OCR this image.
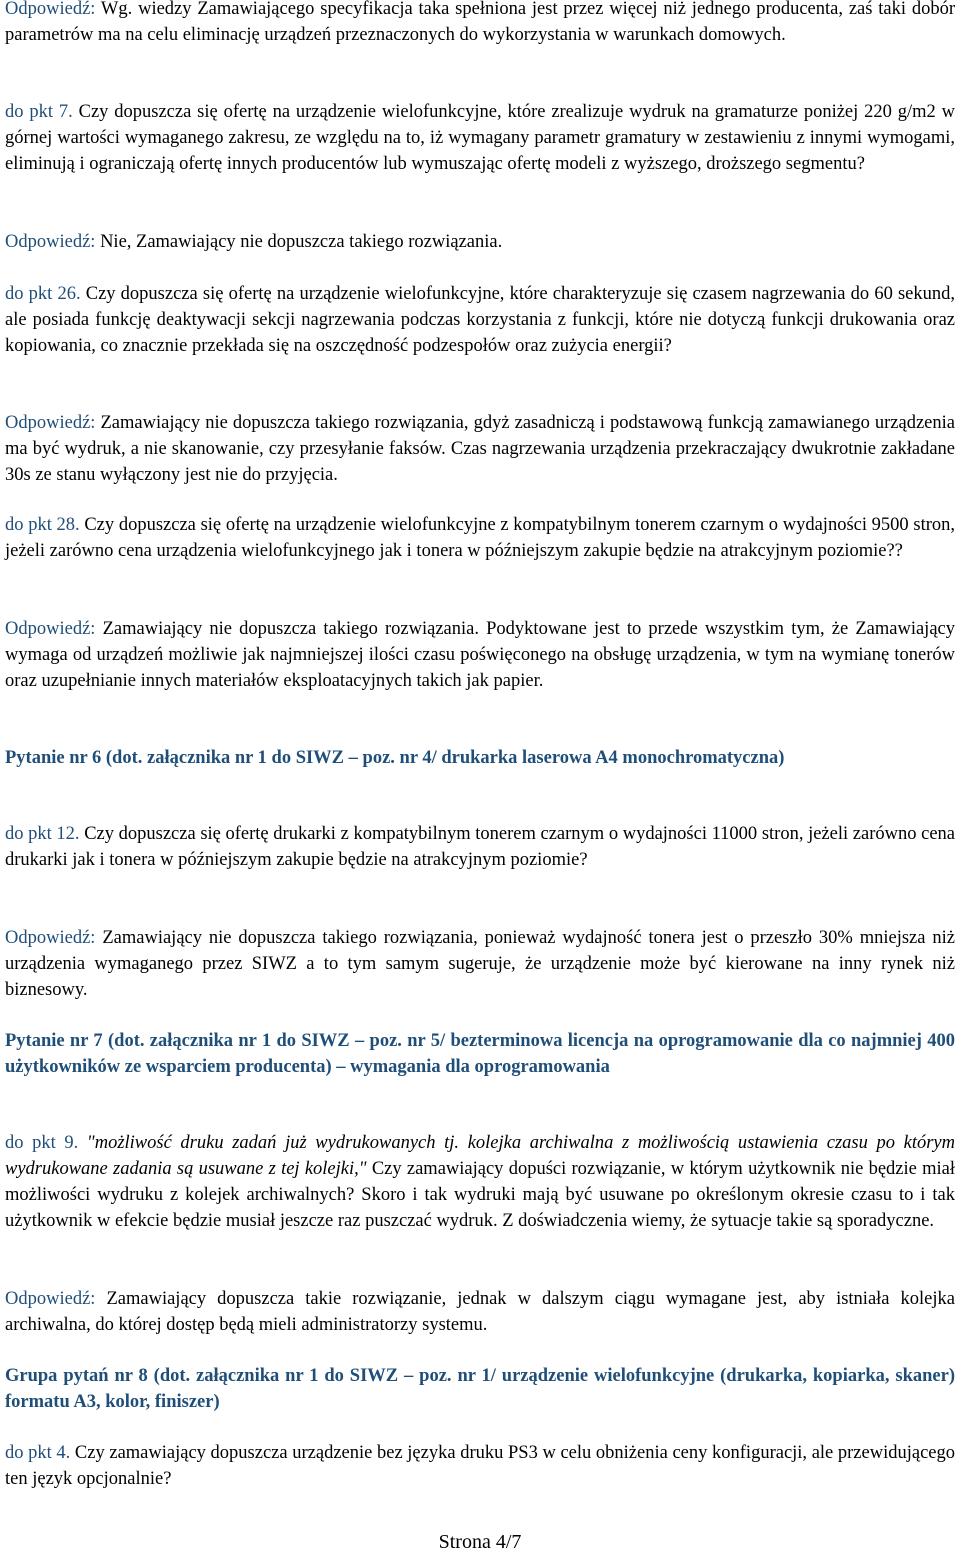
Odpowiedź: Wg. wiedzy Zamawiającego specyfikacja taka spełniona jest przez więcej niż jednego producenta, zaś taki dobór parametrów ma na celu eliminację urządzeń przeznaczonych do wykorzystania w warunkach domowych.

do pkt 7. Czy dopuszcza się ofertę na urządzenie wielofunkcyjne, które zrealizuje wydruk na gramaturze poniżej 220 g/m2 w górnej wartości wymaganego zakresu, ze względu na to, iż wymagany parametr gramatury w zestawieniu z innymi wymogami, eliminują i ograniczają ofertę innych producentów lub wymuszając ofertę modeli z wyższego, droższego segmentu?

Odpowiedź: Nie, Zamawiający nie dopuszcza takiego rozwiązania.

do pkt 26. Czy dopuszcza się ofertę na urządzenie wielofunkcyjne, które charakteryzuje się czasem nagrzewania do 60 sekund, ale posiada funkcję deaktywacji sekcji nagrzewania podczas korzystania z funkcji, które nie dotyczą funkcji drukowania oraz kopiowania, co znacznie przekłada się na oszczędność podzespołów oraz zużycia energii?

Odpowiedź: Zamawiający nie dopuszcza takiego rozwiązania, gdyż zasadniczą i podstawową funkcją zamawianego urządzenia ma być wydruk, a nie skanowanie, czy przesyłanie faksów. Czas nagrzewania urządzenia przekraczający dwukrotnie zakładane 30s ze stanu wyłączony jest nie do przyjęcia.

do pkt 28. Czy dopuszcza się ofertę na urządzenie wielofunkcyjne z kompatybilnym tonerem czarnym o wydajności 9500 stron, jeżeli zarówno cena urządzenia wielofunkcyjnego jak i tonera w późniejszym zakupie będzie na atrakcyjnym poziomie??

Odpowiedź: Zamawiający nie dopuszcza takiego rozwiązania. Podyktowane jest to przede wszystkim tym, że Zamawiający wymaga od urządzeń możliwie jak najmniejszej ilości czasu poświęconego na obsługę urządzenia, w tym na wymianę tonerów oraz uzupełnianie innych materiałów eksploatacyjnych takich jak papier.

Pytanie nr 6 (dot. załącznika nr 1 do SIWZ – poz. nr 4/ drukarka laserowa A4 monochromatyczna)

do pkt 12. Czy dopuszcza się ofertę drukarki z kompatybilnym tonerem czarnym o wydajności 11000 stron, jeżeli zarówno cena drukarki jak i tonera w późniejszym zakupie będzie na atrakcyjnym poziomie?

Odpowiedź: Zamawiający nie dopuszcza takiego rozwiązania, ponieważ wydajność tonera jest o przeszło 30% mniejsza niż urządzenia wymaganego przez SIWZ a to tym samym sugeruje, że urządzenie może być kierowane na inny rynek niż biznesowy.

Pytanie nr 7 (dot. załącznika nr 1 do SIWZ – poz. nr 5/ bezterminowa licencja na oprogramowanie dla co najmniej 400 użytkowników ze wsparciem producenta) – wymagania dla oprogramowania

do pkt 9. "możliwość druku zadań już wydrukowanych tj. kolejka archiwalna z możliwością ustawienia czasu po którym wydrukowane zadania są usuwane z tej kolejki," Czy zamawiający dopuści rozwiązanie, w którym użytkownik nie będzie miał możliwości wydruku z kolejek archiwalnych? Skoro i tak wydruki mają być usuwane po określonym okresie czasu to i tak użytkownik w efekcie będzie musiał jeszcze raz puszczać wydruk. Z doświadczenia wiemy, że sytuacje takie są sporadyczne.

Odpowiedź: Zamawiający dopuszcza takie rozwiązanie, jednak w dalszym ciągu wymagane jest, aby istniała kolejka archiwalna, do której dostęp będą mieli administratorzy systemu.

Grupa pytań nr 8 (dot. załącznika nr 1 do SIWZ – poz. nr 1/ urządzenie wielofunkcyjne (drukarka, kopiarka, skaner) formatu A3, kolor, finiszer)

do pkt 4. Czy zamawiający dopuszcza urządzenie bez języka druku PS3 w celu obniżenia ceny konfiguracji, ale przewidującego ten język opcjonalnie?

Strona 4/7
